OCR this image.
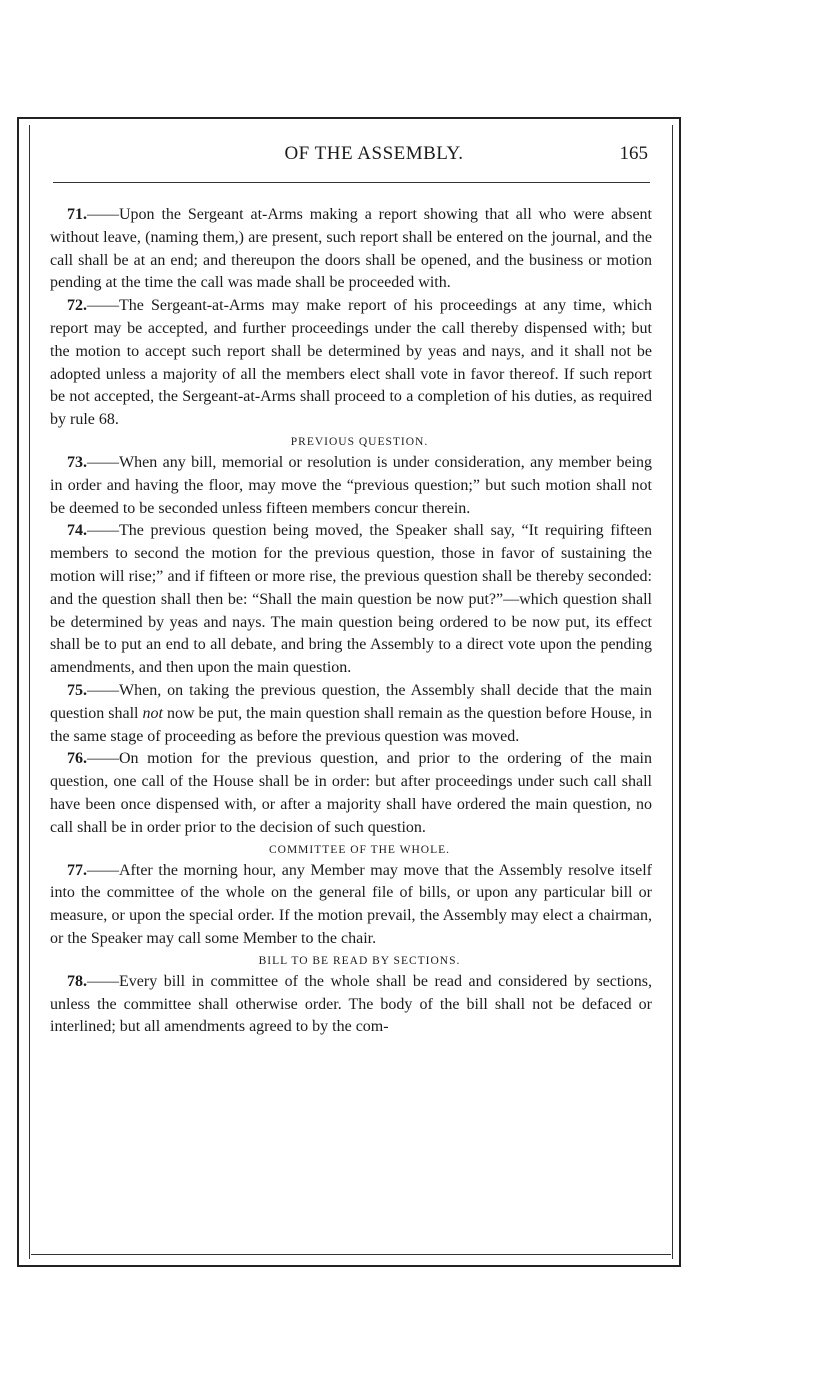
OF THE ASSEMBLY.	165

71.——Upon the Sergeant at-Arms making a report showing that all who were absent without leave, (naming them,) are present, such report shall be entered on the journal, and the call shall be at an end; and thereupon the doors shall be opened, and the business or motion pending at the time the call was made shall be proceeded with.

72.——The Sergeant-at-Arms may make report of his proceedings at any time, which report may be accepted, and further proceedings under the call thereby dispensed with; but the motion to accept such report shall be determined by yeas and nays, and it shall not be adopted unless a majority of all the members elect shall vote in favor thereof. If such report be not accepted, the Sergeant-at-Arms shall proceed to a completion of his duties, as required by rule 68.

PREVIOUS QUESTION.

73.——When any bill, memorial or resolution is under consideration, any member being in order and having the floor, may move the “previous question;” but such motion shall not be deemed to be seconded unless fifteen members concur therein.

74.——The previous question being moved, the Speaker shall say, “It requiring fifteen members to second the motion for the previous question, those in favor of sustaining the motion will rise;” and if fifteen or more rise, the previous question shall be thereby seconded: and the question shall then be: “Shall the main question be now put?”—which question shall be determined by yeas and nays. The main question being ordered to be now put, its effect shall be to put an end to all debate, and bring the Assembly to a direct vote upon the pending amendments, and then upon the main question.

75.——When, on taking the previous question, the Assembly shall decide that the main question shall not now be put, the main question shall remain as the question before House, in the same stage of proceeding as before the previous question was moved.

76.——On motion for the previous question, and prior to the ordering of the main question, one call of the House shall be in order: but after proceedings under such call shall have been once dispensed with, or after a majority shall have ordered the main question, no call shall be in order prior to the decision of such question.

COMMITTEE OF THE WHOLE.

77.——After the morning hour, any Member may move that the Assembly resolve itself into the committee of the whole on the general file of bills, or upon any particular bill or measure, or upon the special order. If the motion prevail, the Assembly may elect a chairman, or the Speaker may call some Member to the chair.

BILL TO BE READ BY SECTIONS.

78.——Every bill in committee of the whole shall be read and considered by sections, unless the committee shall otherwise order. The body of the bill shall not be defaced or interlined; but all amendments agreed to by the com-
